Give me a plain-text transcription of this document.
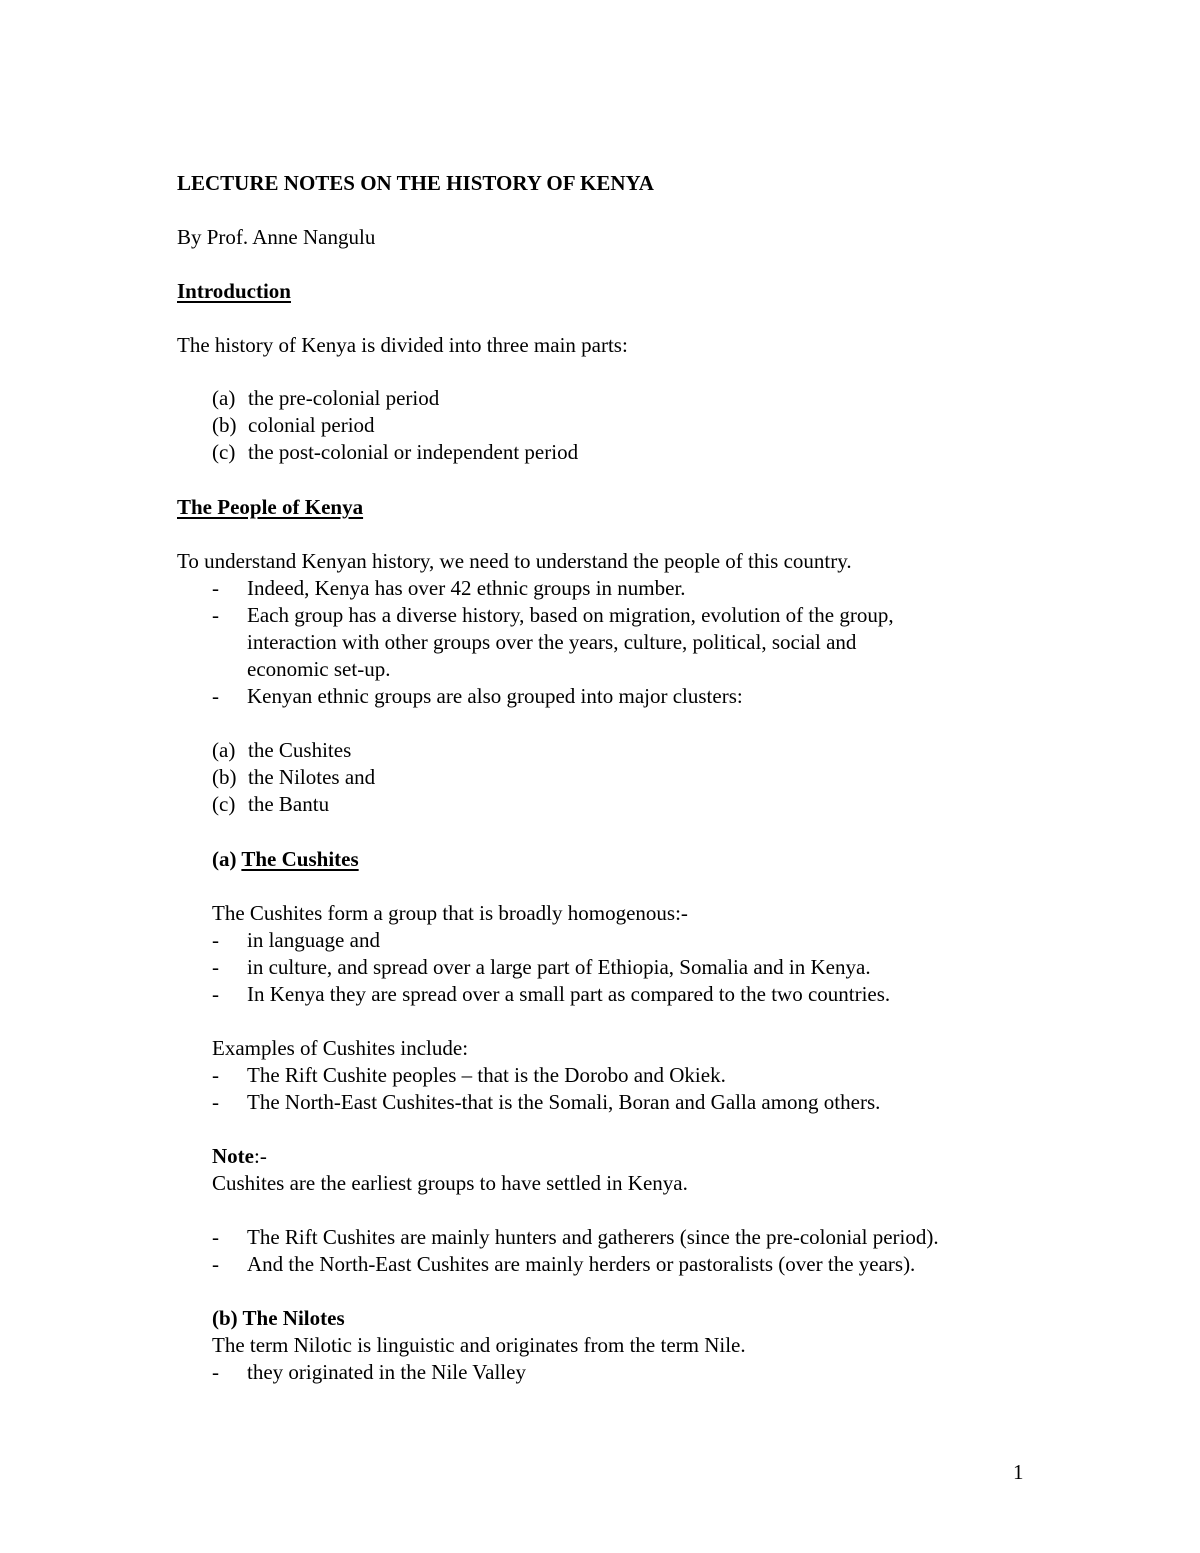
LECTURE NOTES ON THE HISTORY OF KENYA

By Prof. Anne Nangulu

Introduction

The history of Kenya is divided into three main parts:

(a) the pre-colonial period
(b) colonial period
(c) the post-colonial or independent period

The People of Kenya

To understand Kenyan history, we need to understand the people of this country.

- Indeed, Kenya has over 42 ethnic groups in number.

- Each group has a diverse history, based on migration, evolution of the group,

interaction with other groups over the years, culture, political, social and

economic set-up.

- Kenyan ethnic groups are also grouped into major clusters:

(a) the Cushites
(b) the Nilotes and
(c) the Bantu
(a) The Cushites

The Cushites form a group that is broadly homogenous:-

- in language and

- in culture, and spread over a large part of Ethiopia, Somalia and in Kenya.

- In Kenya they are spread over a small part as compared to the two countries.

Examples of Cushites include:

- The Rift Cushite peoples – that is the Dorobo and Okiek.

- The North-East Cushites-that is the Somali, Boran and Galla among others.

Note:-

Cushites are the earliest groups to have settled in Kenya.

- The Rift Cushites are mainly hunters and gatherers (since the pre-colonial period).

- And the North-East Cushites are mainly herders or pastoralists (over the years).

(b) The Nilotes

The term Nilotic is linguistic and originates from the term Nile.

- they originated in the Nile Valley

1
